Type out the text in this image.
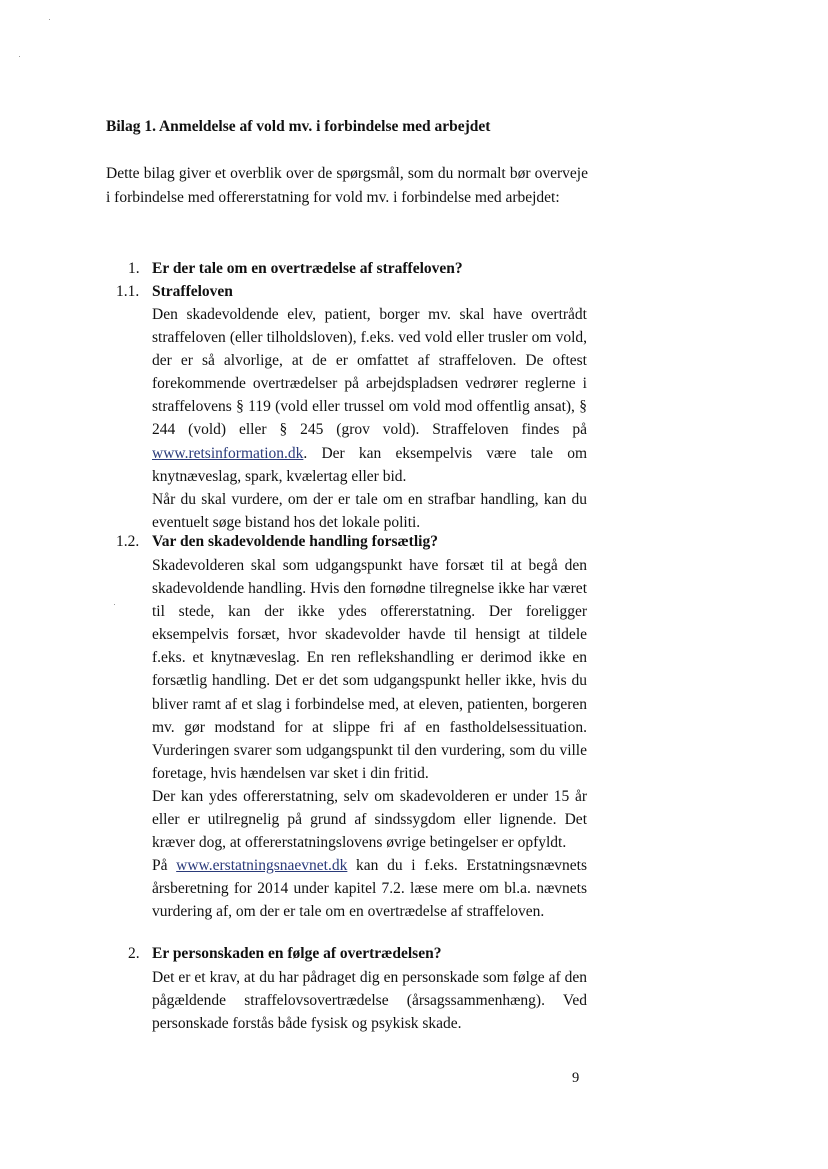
Bilag 1. Anmeldelse af vold mv. i forbindelse med arbejdet
Dette bilag giver et overblik over de spørgsmål, som du normalt bør overveje i forbindelse med offererstatning for vold mv. i forbindelse med arbejdet:
1. Er der tale om en overtrædelse af straffeloven?
1.1. Straffeloven

Den skadevoldende elev, patient, borger mv. skal have overtrådt straffeloven (eller tilholdsloven), f.eks. ved vold eller trusler om vold, der er så alvorlige, at de er omfattet af straffeloven. De oftest forekommende overtrædelser på arbejdspladsen vedrører reglerne i straffelovens § 119 (vold eller trussel om vold mod offentlig ansat), § 244 (vold) eller § 245 (grov vold). Straffeloven findes på www.retsinformation.dk. Der kan eksempelvis være tale om knytnæveslag, spark, kvælertag eller bid.

Når du skal vurdere, om der er tale om en strafbar handling, kan du eventuelt søge bistand hos det lokale politi.

1.2. Var den skadevoldende handling forsætlig?

Skadevolderen skal som udgangspunkt have forsæt til at begå den skadevoldende handling. Hvis den fornødne tilregnelse ikke har været til stede, kan der ikke ydes offererstatning. Der foreligger eksempelvis forsæt, hvor skadevolder havde til hensigt at tildele f.eks. et knytnæveslag. En ren reflekshandling er derimod ikke en forsætlig handling. Det er det som udgangspunkt heller ikke, hvis du bliver ramt af et slag i forbindelse med, at eleven, patienten, borgeren mv. gør modstand for at slippe fri af en fastholdelsessituation. Vurderingen svarer som udgangspunkt til den vurdering, som du ville foretage, hvis hændelsen var sket i din fritid.

Der kan ydes offererstatning, selv om skadevolderen er under 15 år eller er utilregnelig på grund af sindssygdom eller lignende. Det kræver dog, at offererstatningslovens øvrige betingelser er opfyldt.

På www.erstatningsnaevnet.dk kan du i f.eks. Erstatningsnævnets årsberetning for 2014 under kapitel 7.2. læse mere om bl.a. nævnets vurdering af, om der er tale om en overtrædelse af straffeloven.

2. Er personskaden en følge af overtrædelsen?

Det er et krav, at du har pådraget dig en personskade som følge af den pågældende straffelovsovertrædelse (årsagssammenhæng). Ved personskade forstås både fysisk og psykisk skade.

9
